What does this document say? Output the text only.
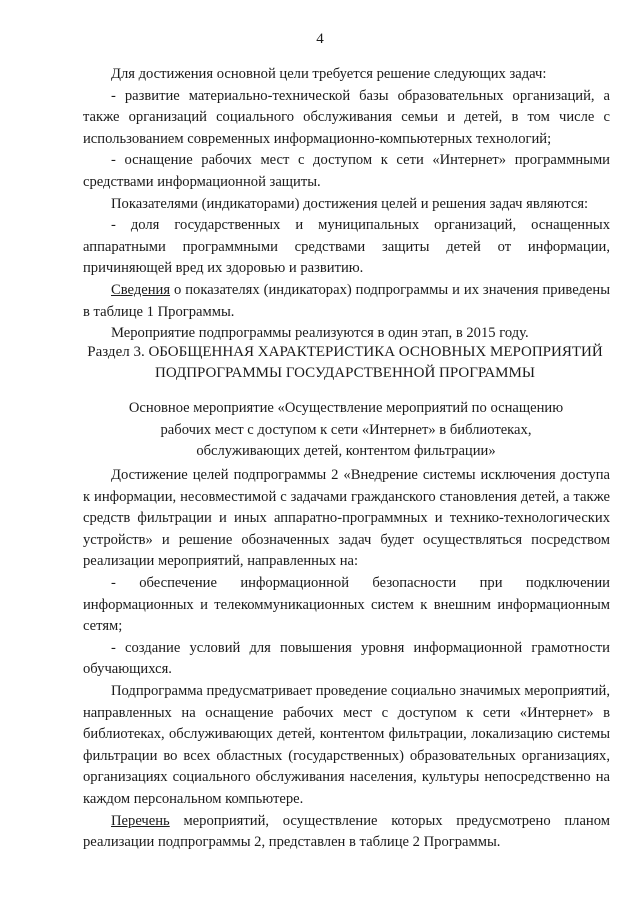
4

Для достижения основной цели требуется решение следующих задач:

- развитие материально-технической базы образовательных организаций, а также организаций социального обслуживания семьи и детей, в том числе с использованием современных информационно-компьютерных технологий;

- оснащение рабочих мест с доступом к сети «Интернет» программными средствами информационной защиты.

Показателями (индикаторами) достижения целей и решения задач являются:

- доля государственных и муниципальных организаций, оснащенных аппаратными программными средствами защиты детей от информации, причиняющей вред их здоровью и развитию.

Сведения о показателях (индикаторах) подпрограммы и их значения приведены в таблице 1 Программы.

Мероприятие подпрограммы реализуются в один этап, в 2015 году.

Раздел 3. ОБОБЩЕННАЯ ХАРАКТЕРИСТИКА ОСНОВНЫХ МЕРОПРИЯТИЙ
ПОДПРОГРАММЫ ГОСУДАРСТВЕННОЙ ПРОГРАММЫ
Основное мероприятие «Осуществление мероприятий по оснащению
рабочих мест с доступом к сети «Интернет» в библиотеках,
обслуживающих детей, контентом фильтрации»

Достижение целей подпрограммы 2 «Внедрение системы исключения доступа к информации, несовместимой с задачами гражданского становления детей, а также средств фильтрации и иных аппаратно-программных и технико-технологических устройств» и решение обозначенных задач будет осуществляться посредством реализации мероприятий, направленных на:

- обеспечение информационной безопасности при подключении информационных и телекоммуникационных систем к внешним информационным сетям;

- создание условий для повышения уровня информационной грамотности обучающихся.

Подпрограмма предусматривает проведение социально значимых мероприятий, направленных на оснащение рабочих мест с доступом к сети «Интернет» в библиотеках, обслуживающих детей, контентом фильтрации, локализацию системы фильтрации во всех областных (государственных) образовательных организациях, организациях социального обслуживания населения, культуры непосредственно на каждом персональном компьютере.

Перечень мероприятий, осуществление которых предусмотрено планом реализации подпрограммы 2, представлен в таблице 2 Программы.
